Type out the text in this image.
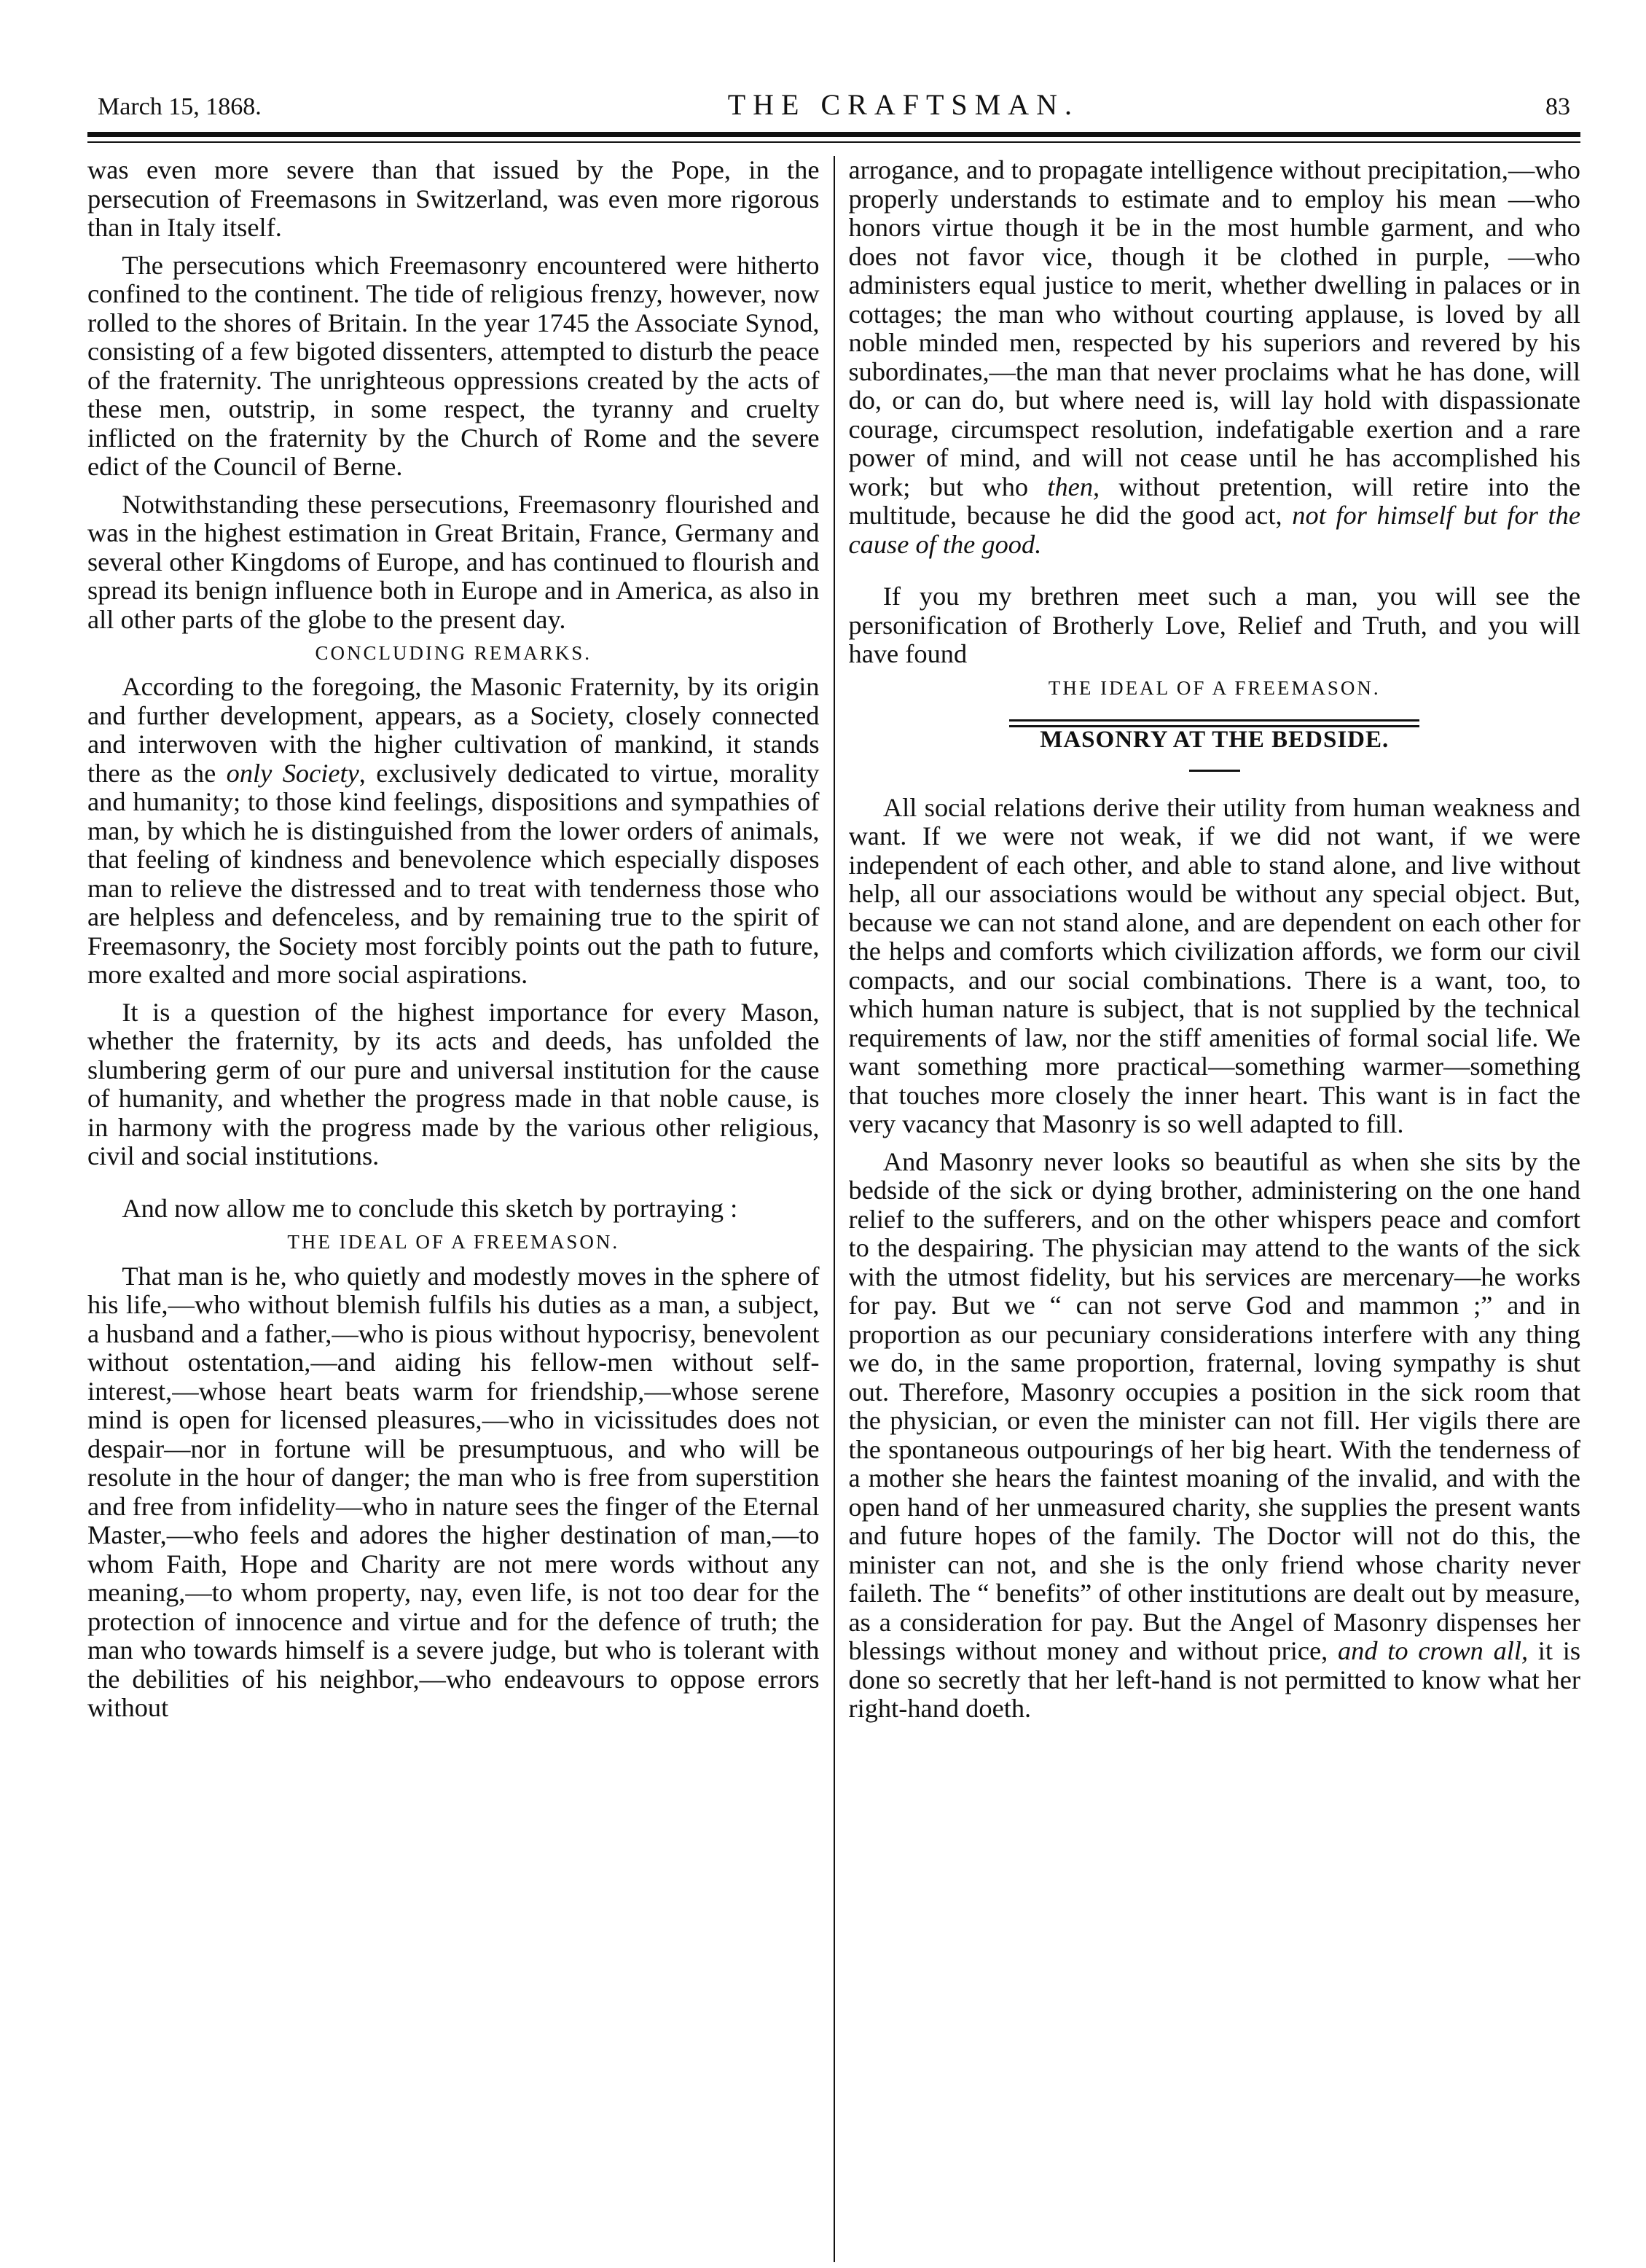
March 15, 1868.	THE CRAFTSMAN.	83

was even more severe than that issued by the Pope, in the persecution of Freemasons in Switzerland, was even more rigorous than in Italy itself.

The persecutions which Freemasonry encountered were hitherto confined to the continent. The tide of religious frenzy, however, now rolled to the shores of Britain. In the year 1745 the Associate Synod, consisting of a few bigoted dissenters, attempted to disturb the peace of the fraternity. The unrighteous oppressions created by the acts of these men, outstrip, in some respect, the tyranny and cruelty inflicted on the fraternity by the Church of Rome and the severe edict of the Council of Berne.

Notwithstanding these persecutions, Freemasonry flourished and was in the highest estimation in Great Britain, France, Germany and several other Kingdoms of Europe, and has continued to flourish and spread its benign influence both in Europe and in America, as also in all other parts of the globe to the present day.

CONCLUDING REMARKS.

According to the foregoing, the Masonic Fraternity, by its origin and further development, appears, as a Society, closely connected and interwoven with the higher cultivation of mankind, it stands there as the only Society, exclusively dedicated to virtue, morality and humanity; to those kind feelings, dispositions and sympathies of man, by which he is distinguished from the lower orders of animals, that feeling of kindness and benevolence which especially disposes man to relieve the distressed and to treat with tenderness those who are helpless and defenceless, and by remaining true to the spirit of Freemasonry, the Society most forcibly points out the path to future, more exalted and more social aspirations.

It is a question of the highest importance for every Mason, whether the fraternity, by its acts and deeds, has unfolded the slumbering germ of our pure and universal institution for the cause of humanity, and whether the progress made in that noble cause, is in harmony with the progress made by the various other religious, civil and social institutions.

And now allow me to conclude this sketch by portraying :

THE IDEAL OF A FREEMASON.

That man is he, who quietly and modestly moves in the sphere of his life,—who without blemish fulfils his duties as a man, a subject, a husband and a father,—who is pious without hypocrisy, benevolent without ostentation,—and aiding his fellow-men without self-interest,—whose heart beats warm for friendship,—whose serene mind is open for licensed pleasures,—who in vicissitudes does not despair—nor in fortune will be presumptuous, and who will be resolute in the hour of danger; the man who is free from superstition and free from infidelity—who in nature sees the finger of the Eternal Master,—who feels and adores the higher destination of man,—to whom Faith, Hope and Charity are not mere words without any meaning,—to whom property, nay, even life, is not too dear for the protection of innocence and virtue and for the defence of truth; the man who towards himself is a severe judge, but who is tolerant with the debilities of his neighbor,—who endeavours to oppose errors without

arrogance, and to propagate intelligence without precipitation,—who properly understands to estimate and to employ his mean —who honors virtue though it be in the most humble garment, and who does not favor vice, though it be clothed in purple, —who administers equal justice to merit, whether dwelling in palaces or in cottages; the man who without courting applause, is loved by all noble minded men, respected by his superiors and revered by his subordinates,—the man that never proclaims what he has done, will do, or can do, but where need is, will lay hold with dispassionate courage, circumspect resolution, indefatigable exertion and a rare power of mind, and will not cease until he has accomplished his work; but who then, without pretention, will retire into the multitude, because he did the good act, not for himself but for the cause of the good.

If you my brethren meet such a man, you will see the personification of Brotherly Love, Relief and Truth, and you will have found

THE IDEAL OF A FREEMASON.

MASONRY AT THE BEDSIDE.

All social relations derive their utility from human weakness and want. If we were not weak, if we did not want, if we were independent of each other, and able to stand alone, and live without help, all our associations would be without any special object. But, because we can not stand alone, and are dependent on each other for the helps and comforts which civilization affords, we form our civil compacts, and our social combinations. There is a want, too, to which human nature is subject, that is not supplied by the technical requirements of law, nor the stiff amenities of formal social life. We want something more practical—something warmer—something that touches more closely the inner heart. This want is in fact the very vacancy that Masonry is so well adapted to fill.

And Masonry never looks so beautiful as when she sits by the bedside of the sick or dying brother, administering on the one hand relief to the sufferers, and on the other whispers peace and comfort to the despairing. The physician may attend to the wants of the sick with the utmost fidelity, but his services are mercenary—he works for pay. But we “ can not serve God and mammon ;” and in proportion as our pecuniary considerations interfere with any thing we do, in the same proportion, fraternal, loving sympathy is shut out. Therefore, Masonry occupies a position in the sick room that the physician, or even the minister can not fill. Her vigils there are the spontaneous outpourings of her big heart. With the tenderness of a mother she hears the faintest moaning of the invalid, and with the open hand of her unmeasured charity, she supplies the present wants and future hopes of the family. The Doctor will not do this, the minister can not, and she is the only friend whose charity never faileth. The “ benefits” of other institutions are dealt out by measure, as a consideration for pay. But the Angel of Masonry dispenses her blessings without money and without price, and to crown all, it is done so secretly that her left-hand is not permitted to know what her right-hand doeth.
